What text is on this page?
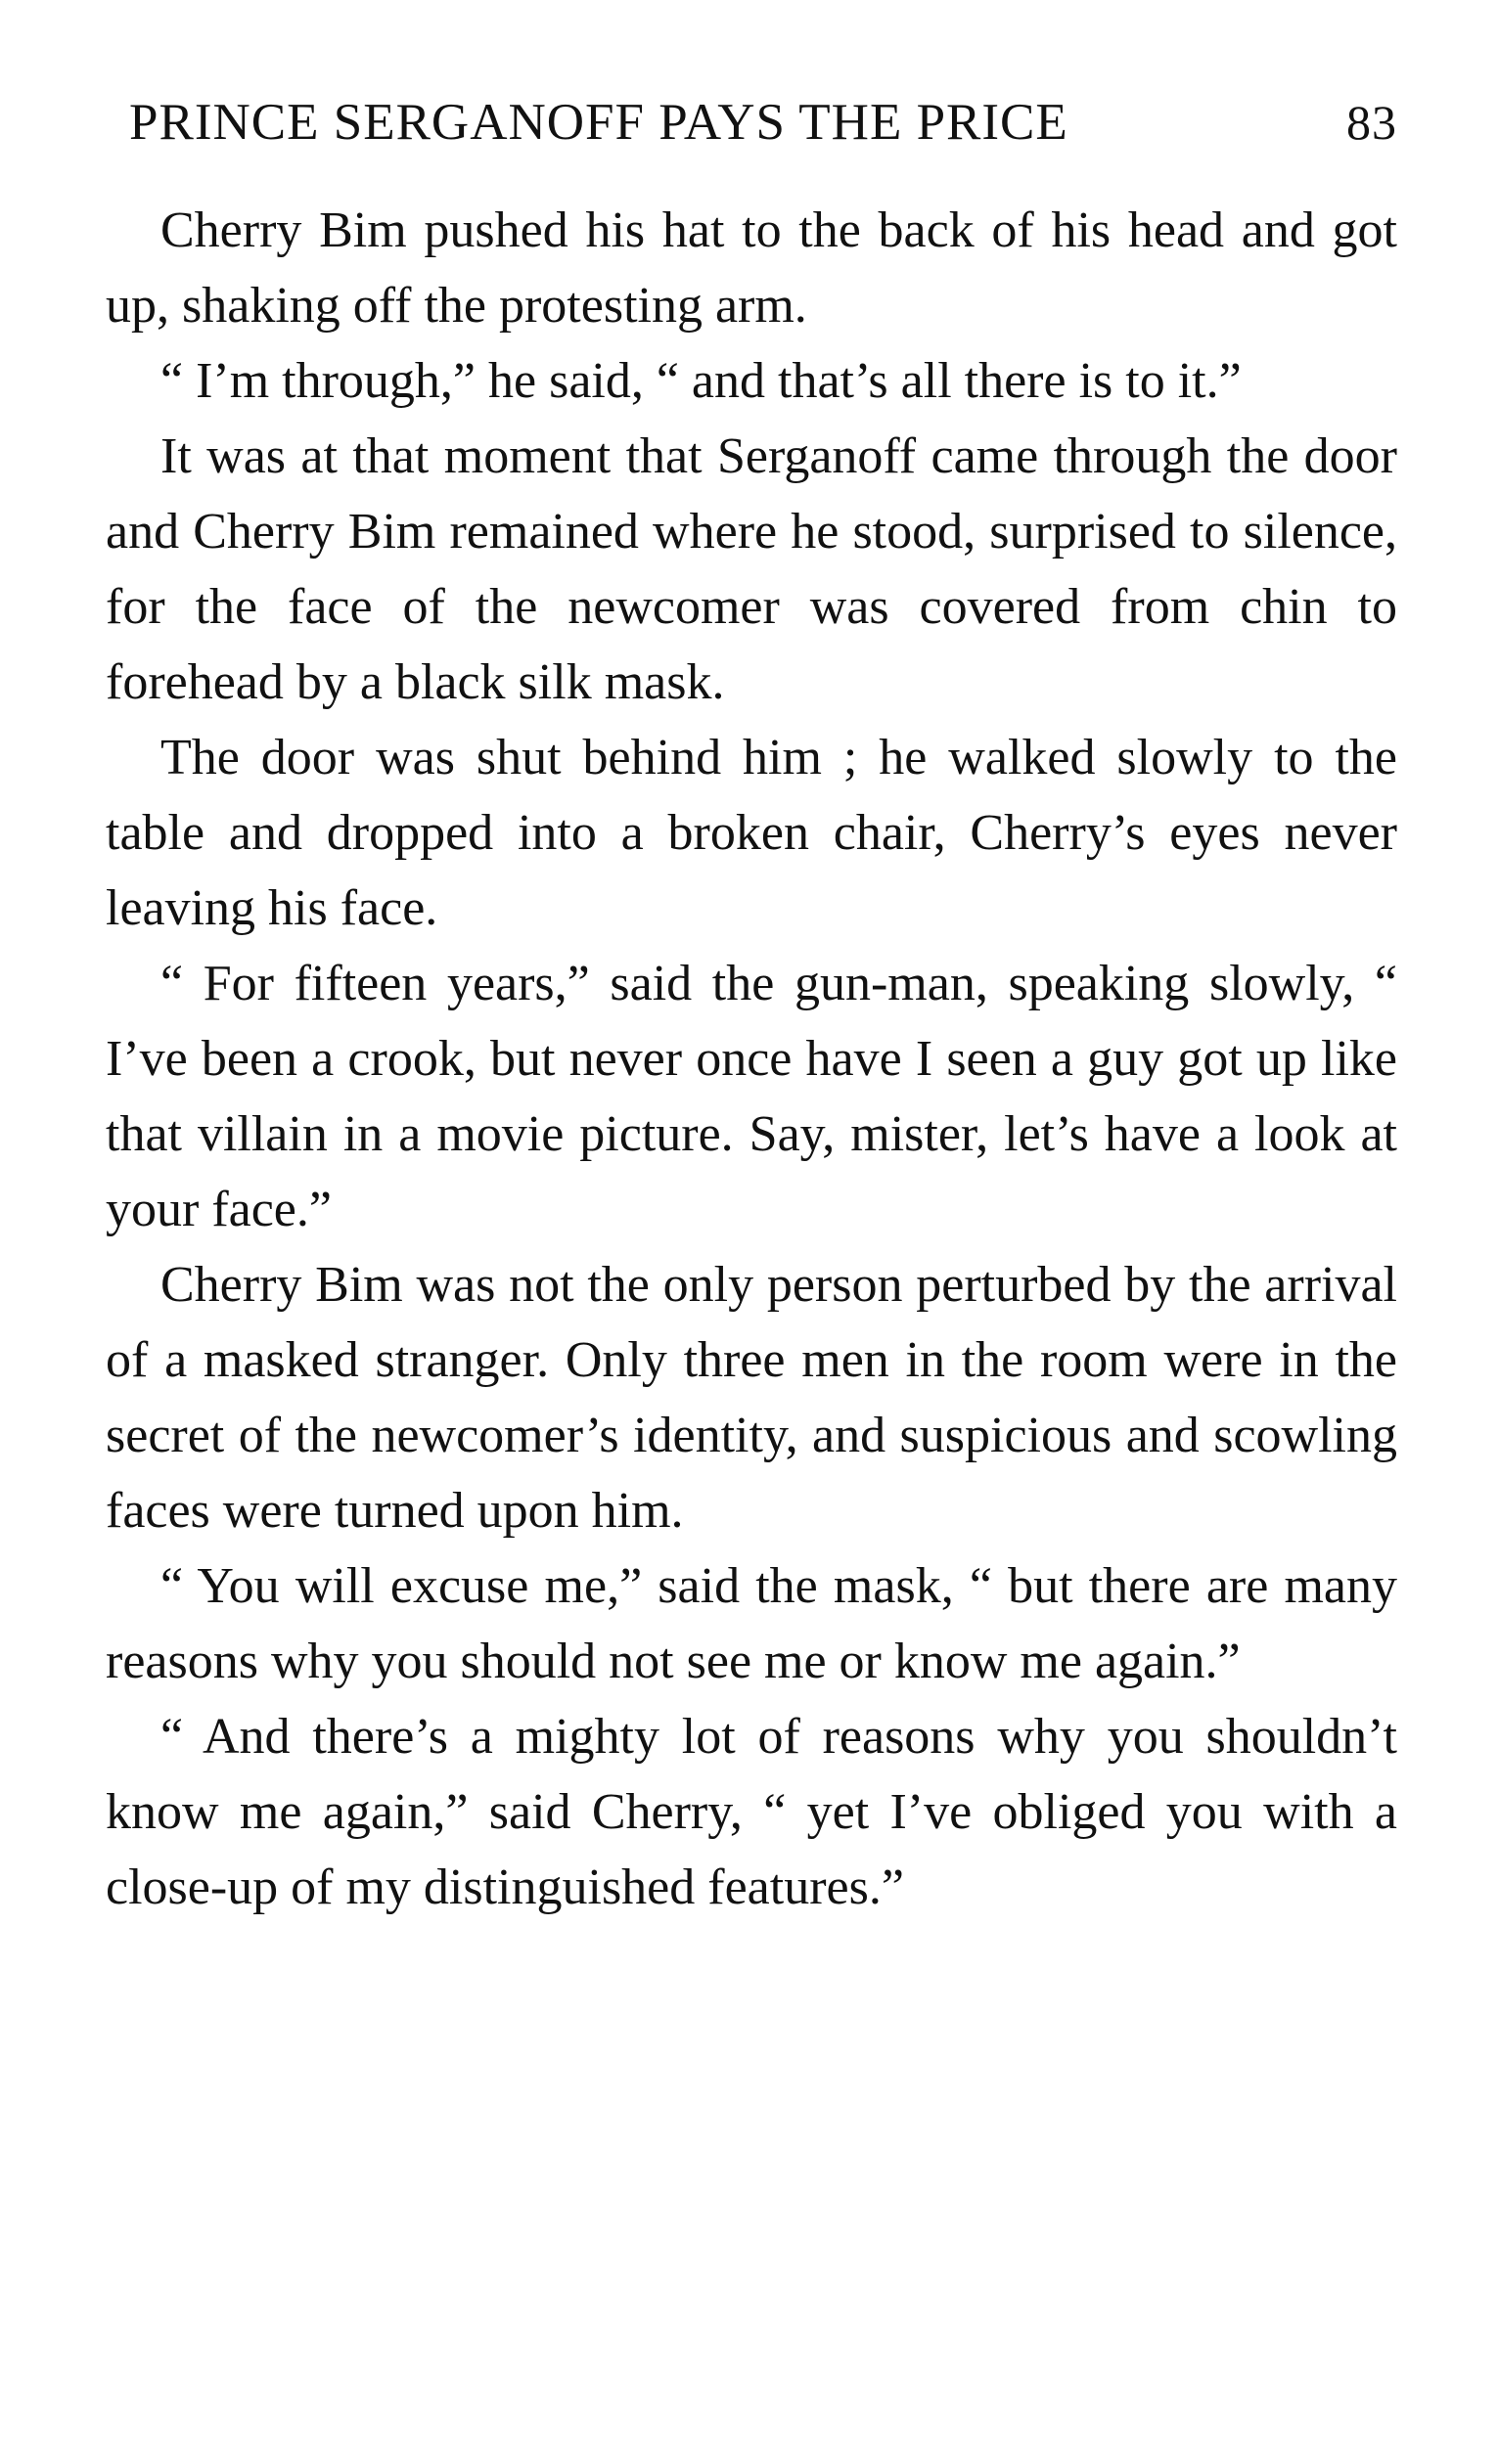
PRINCE SERGANOFF PAYS THE PRICE	83

Cherry Bim pushed his hat to the back of his head and got up, shaking off the protesting arm.

“ I’m through,” he said, “ and that’s all there is to it.”

It was at that moment that Serganoff came through the door and Cherry Bim remained where he stood, surprised to silence, for the face of the newcomer was covered from chin to forehead by a black silk mask.

The door was shut behind him ; he walked slowly to the table and dropped into a broken chair, Cherry’s eyes never leaving his face.

“ For fifteen years,” said the gun-man, speaking slowly, “ I’ve been a crook, but never once have I seen a guy got up like that villain in a movie picture. Say, mister, let’s have a look at your face.”

Cherry Bim was not the only person perturbed by the arrival of a masked stranger. Only three men in the room were in the secret of the newcomer’s identity, and suspicious and scowling faces were turned upon him.

“ You will excuse me,” said the mask, “ but there are many reasons why you should not see me or know me again.”

“ And there’s a mighty lot of reasons why you shouldn’t know me again,” said Cherry, “ yet I’ve obliged you with a close-up of my distinguished features.”
